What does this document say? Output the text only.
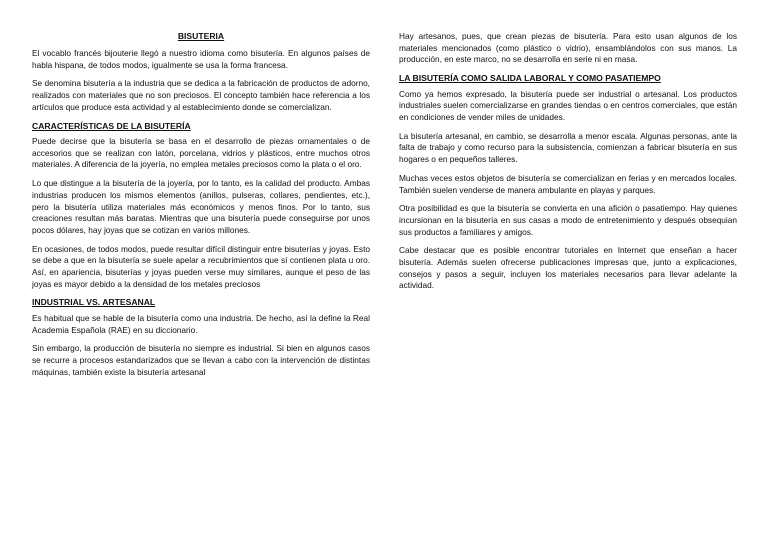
BISUTERIA

El vocablo francés bijouterie llegó a nuestro idioma como bisutería. En algunos países de habla hispana, de todos modos, igualmente se usa la forma francesa.

Se denomina bisutería a la industria que se dedica a la fabricación de productos de adorno, realizados con materiales que no son preciosos. El concepto también hace referencia a los artículos que produce esta actividad y al establecimiento donde se comercializan.

CARACTERÍSTICAS DE LA BISUTERÍA

Puede decirse que la bisutería se basa en el desarrollo de piezas ornamentales o de accesorios que se realizan con latón, porcelana, vidrios y plásticos, entre muchos otros materiales. A diferencia de la joyería, no emplea metales preciosos como la plata o el oro.

Lo que distingue a la bisutería de la joyería, por lo tanto, es la calidad del producto. Ambas industrias producen los mismos elementos (anillos, pulseras, collares, pendientes, etc.), pero la bisutería utiliza materiales más económicos y menos finos. Por lo tanto, sus creaciones resultan más baratas. Mientras que una bisutería puede conseguirse por unos pocos dólares, hay joyas que se cotizan en varios millones.

En ocasiones, de todos modos, puede resultar difícil distinguir entre bisuterías y joyas. Esto se debe a que en la bisutería se suele apelar a recubrimientos que sí contienen plata u oro. Así, en apariencia, bisuterías y joyas pueden verse muy similares, aunque el peso de las joyas es mayor debido a la densidad de los metales preciosos

INDUSTRIAL VS. ARTESANAL

Es habitual que se hable de la bisutería como una industria. De hecho, así la define la Real Academia Española (RAE) en su diccionario.

Sin embargo, la producción de bisutería no siempre es industrial. Si bien en algunos casos se recurre a procesos estandarizados que se llevan a cabo con la intervención de distintas máquinas, también existe la bisutería artesanal

Hay artesanos, pues, que crean piezas de bisutería. Para esto usan algunos de los materiales mencionados (como plástico o vidrio), ensamblándolos con sus manos. La producción, en este marco, no se desarrolla en serie ni en masa.

LA BISUTERÍA COMO SALIDA LABORAL Y COMO PASATIEMPO

Como ya hemos expresado, la bisutería puede ser industrial o artesanal. Los productos industriales suelen comercializarse en grandes tiendas o en centros comerciales, que están en condiciones de vender miles de unidades.

La bisutería artesanal, en cambio, se desarrolla a menor escala. Algunas personas, ante la falta de trabajo y como recurso para la subsistencia, comienzan a fabricar bisutería en sus hogares o en pequeños talleres.

Muchas veces estos objetos de bisutería se comercializan en ferias y en mercados locales. También suelen venderse de manera ambulante en playas y parques.

Otra posibilidad es que la bisutería se convierta en una afición o pasatiempo. Hay quienes incursionan en la bisutería en sus casas a modo de entretenimiento y después obsequian sus productos a familiares y amigos.

Cabe destacar que es posible encontrar tutoriales en Internet que enseñan a hacer bisutería. Además suelen ofrecerse publicaciones impresas que, junto a explicaciones, consejos y pasos a seguir, incluyen los materiales necesarios para llevar adelante la actividad.
